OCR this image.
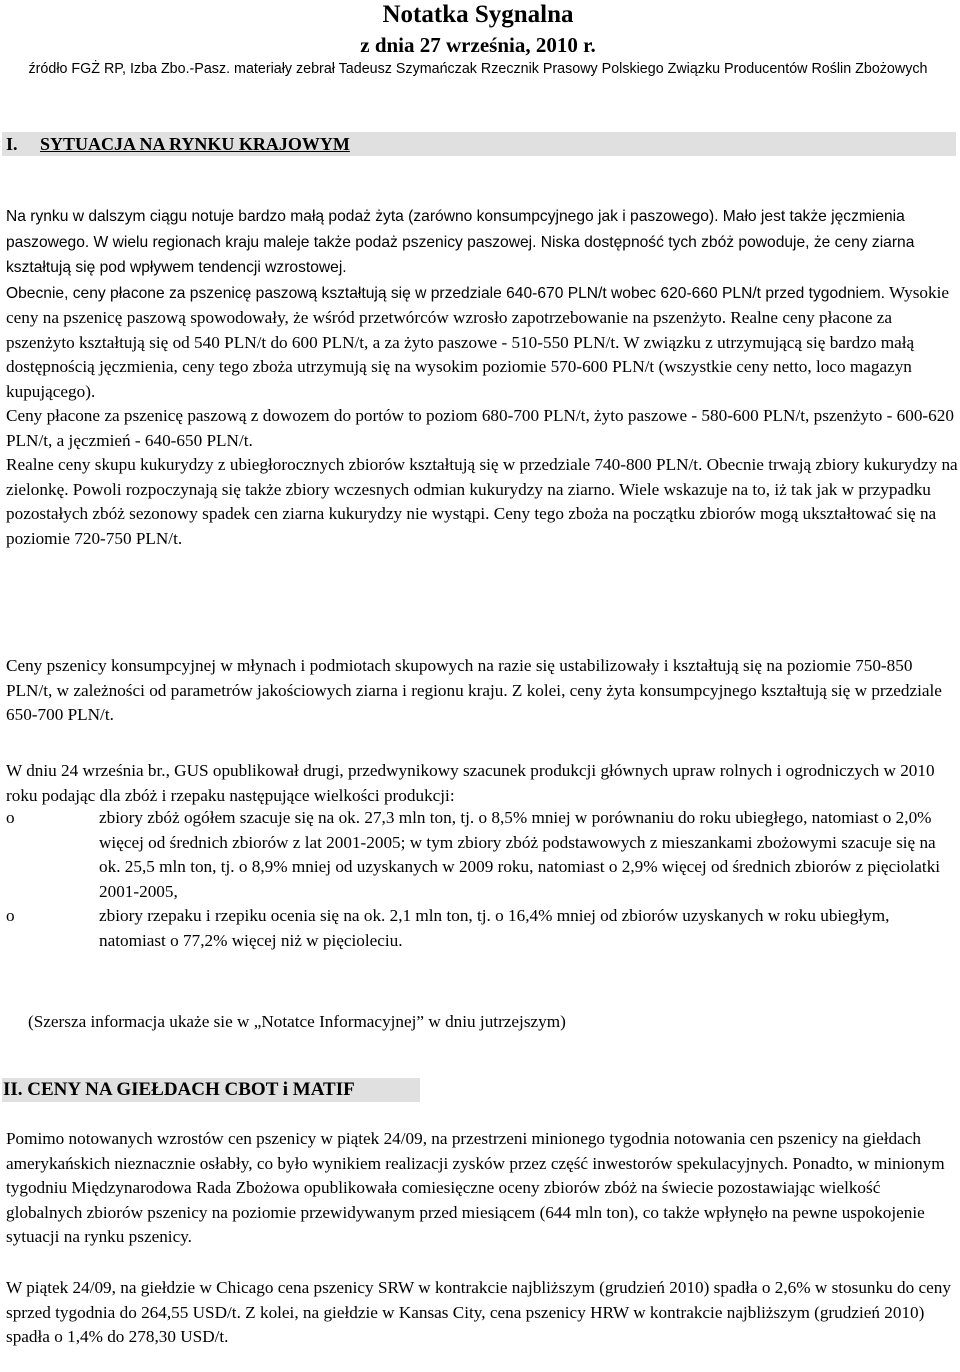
Notatka Sygnalna
z dnia 27 września, 2010 r.
źródło FGŻ RP, Izba Zbo.-Pasz. materiały zebrał Tadeusz Szymańczak Rzecznik Prasowy Polskiego Związku Producentów Roślin Zbożowych
I. SYTUACJA NA RYNKU KRAJOWYM

Na rynku w dalszym ciągu notuje bardzo małą podaż żyta (zarówno konsumpcyjnego jak i paszowego). Mało jest także jęczmienia paszowego. W wielu regionach kraju maleje także podaż pszenicy paszowej. Niska dostępność tych zbóż powoduje, że ceny ziarna kształtują się pod wpływem tendencji wzrostowej.
Obecnie, ceny płacone za pszenicę paszową kształtują się w przedziale 640-670 PLN/t wobec 620-660 PLN/t przed tygodniem. Wysokie ceny na pszenicę paszową spowodowały, że wśród przetwórców wzrosło zapotrzebowanie na pszenżyto. Realne ceny płacone za pszenżyto kształtują się od 540 PLN/t do 600 PLN/t, a za żyto paszowe - 510-550 PLN/t. W związku z utrzymującą się bardzo małą dostępnością jęczmienia, ceny tego zboża utrzymują się na wysokim poziomie 570-600 PLN/t (wszystkie ceny netto, loco magazyn kupującego).
Ceny płacone za pszenicę paszową z dowozem do portów to poziom 680-700 PLN/t, żyto paszowe - 580-600 PLN/t, pszenżyto - 600-620 PLN/t, a jęczmień - 640-650 PLN/t.
Realne ceny skupu kukurydzy z ubiegłorocznych zbiorów kształtują się w przedziale 740-800 PLN/t. Obecnie trwają zbiory kukurydzy na zielonkę. Powoli rozpoczynają się także zbiory wczesnych odmian kukurydzy na ziarno. Wiele wskazuje na to, iż tak jak w przypadku pozostałych zbóż sezonowy spadek cen ziarna kukurydzy nie wystąpi. Ceny tego zboża na początku zbiorów mogą ukształtować się na poziomie 720-750 PLN/t.

Ceny pszenicy konsumpcyjnej w młynach i podmiotach skupowych na razie się ustabilizowały i kształtują się na poziomie 750-850 PLN/t, w zależności od parametrów jakościowych ziarna i regionu kraju. Z kolei, ceny żyta konsumpcyjnego kształtują się w przedziale 650-700 PLN/t.

W dniu 24 września br., GUS opublikował drugi, przedwynikowy szacunek produkcji głównych upraw rolnych i ogrodniczych w 2010 roku podając dla zbóż i rzepaku następujące wielkości produkcji:

o	zbiory zbóż ogółem szacuje się na ok. 27,3 mln ton, tj. o 8,5% mniej w porównaniu do roku ubiegłego, natomiast o 2,0% więcej od średnich zbiorów z lat 2001-2005; w tym zbiory zbóż podstawowych z mieszankami zbożowymi szacuje się na ok. 25,5 mln ton, tj. o 8,9% mniej od uzyskanych w 2009 roku, natomiast o 2,9% więcej od średnich zbiorów z pięciolatki 2001-2005,
o	zbiory rzepaku i rzepiku ocenia się na ok. 2,1 mln ton, tj. o 16,4% mniej od zbiorów uzyskanych w roku ubiegłym, natomiast o 77,2% więcej niż w pięcioleciu.

(Szersza informacja ukaże sie w „Notatce Informacyjnej” w dniu jutrzejszym)

II. CENY NA GIEŁDACH CBOT i MATIF

Pomimo notowanych wzrostów cen pszenicy w piątek 24/09, na przestrzeni minionego tygodnia notowania cen pszenicy na giełdach amerykańskich nieznacznie osłabły, co było wynikiem realizacji zysków przez część inwestorów spekulacyjnych. Ponadto, w minionym tygodniu Międzynarodowa Rada Zbożowa opublikowała comiesięczne oceny zbiorów zbóż na świecie pozostawiając wielkość globalnych zbiorów pszenicy na poziomie przewidywanym przed miesiącem (644 mln ton), co także wpłynęło na pewne uspokojenie sytuacji na rynku pszenicy.

W piątek 24/09, na giełdzie w Chicago cena pszenicy SRW w kontrakcie najbliższym (grudzień 2010) spadła o 2,6% w stosunku do ceny sprzed tygodnia do 264,55 USD/t. Z kolei, na giełdzie w Kansas City, cena pszenicy HRW w kontrakcie najbliższym (grudzień 2010) spadła o 1,4% do 278,30 USD/t.
